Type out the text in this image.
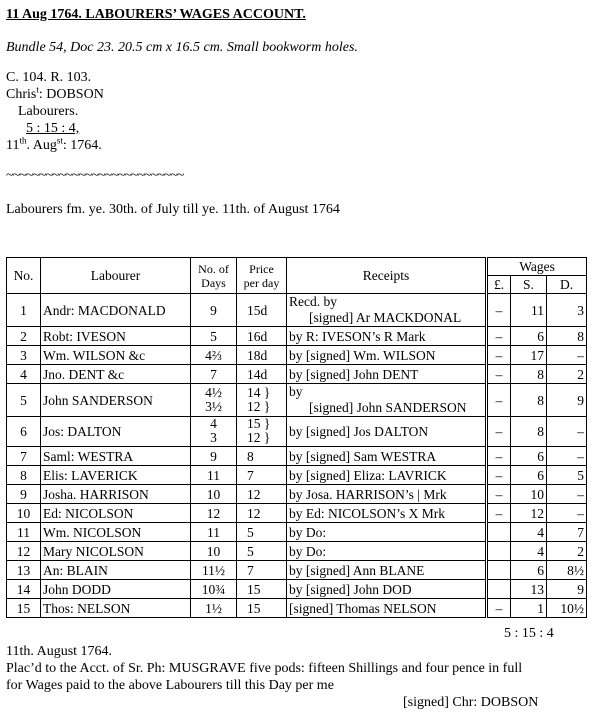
11 Aug 1764. LABOURERS’ WAGES ACCOUNT.
Bundle 54, Doc 23. 20.5 cm x 16.5 cm. Small bookworm holes.
C. 104. R. 103.
Chris$^t$: DOBSON
Labourers.
5 : 15 : 4,
11th. Aug$^{st}$: 1764.
~~~~~~~~~~~~~~~~~~~~~~~~~~~
Labourers fm. ye. 30th. of July till ye. 11th. of August 1764
No.	Labourer	No. of
Days	Price
per day	Receipts	Wages		
					£.	S.	D.
1	Andr: MACDONALD	9	15d	Recd. by
[signed] Ar MACKDONAL	–	11	3
2	Robt: IVESON	5	16d	by R: IVESON’s R Mark	–	6	8
3	Wm. WILSON &c	4⅔	18d	by [signed] Wm. WILSON	–	17	–
4	Jno. DENT &c	7	14d	by [signed] John DENT	–	8	2
5	John SANDERSON	4½
3½	14 }
12 }	by
[signed] John SANDERSON	–	8	9
6	Jos: DALTON	4
3	15 }
12 }	by [signed] Jos DALTON	–	8	–
7	Saml: WESTRA	9	8	by [signed] Sam WESTRA	–	6	–
8	Elis: LAVERICK	11	7	by [signed] Eliza: LAVRICK	–	6	5
9	Josha. HARRISON	10	12	by Josa. HARRISON’s | Mrk	–	10	–
10	Ed: NICOLSON	12	12	by Ed: NICOLSON’s X Mrk	–	12	–
11	Wm. NICOLSON	11	5	by Do:		4	7
12	Mary NICOLSON	10	5	by Do:		4	2
13	An: BLAIN	11½	7	by [signed] Ann BLANE		6	8½
14	John DODD	10¾	15	by [signed] John DOD		13	9
15	Thos: NELSON	1½	15	[signed] Thomas NELSON	–	1	10½
5 : 15 : 4
11th. August 1764.
Plac’d to the Acct. of Sr. Ph: MUSGRAVE five pods: fifteen Shillings and four pence in full
for Wages paid to the above Labourers till this Day per me
[signed] Chr: DOBSON
